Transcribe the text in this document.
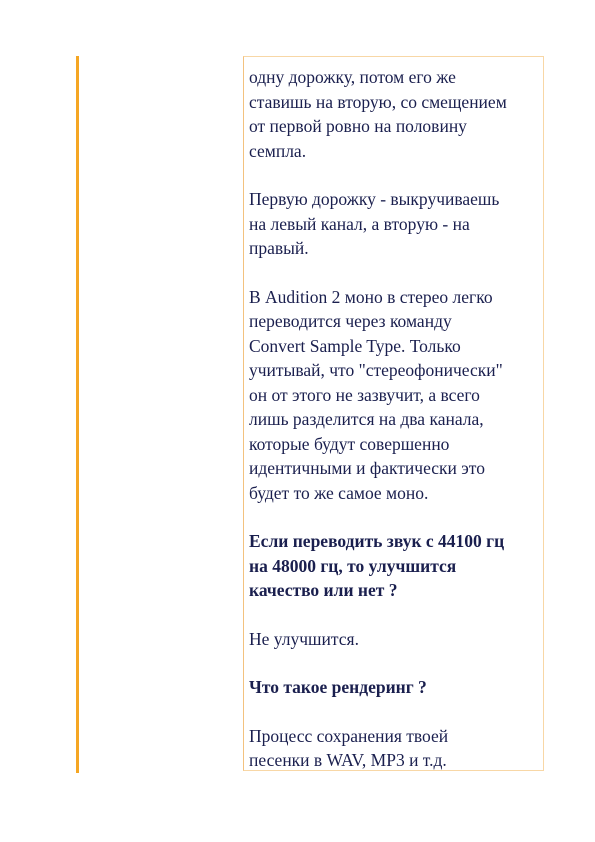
одну дорожку, потом его же
ставишь на вторую, со смещением
от первой ровно на половину
семпла.

Первую дорожку - выкручиваешь
на левый канал, а вторую - на
правый.

В Audition 2 моно в стерео легко
переводится через команду
Convert Sample Type. Только
учитывай, что "стереофонически"
он от этого не зазвучит, а всего
лишь разделится на два канала,
которые будут совершенно
идентичными и фактически это
будет то же самое моно.

Если переводить звук с 44100 гц
на 48000 гц, то улучшится
качество или нет ?

Не улучшится.

Что такое рендеринг ?

Процесс сохранения твоей
песенки в WAV, MP3 и т.д.
